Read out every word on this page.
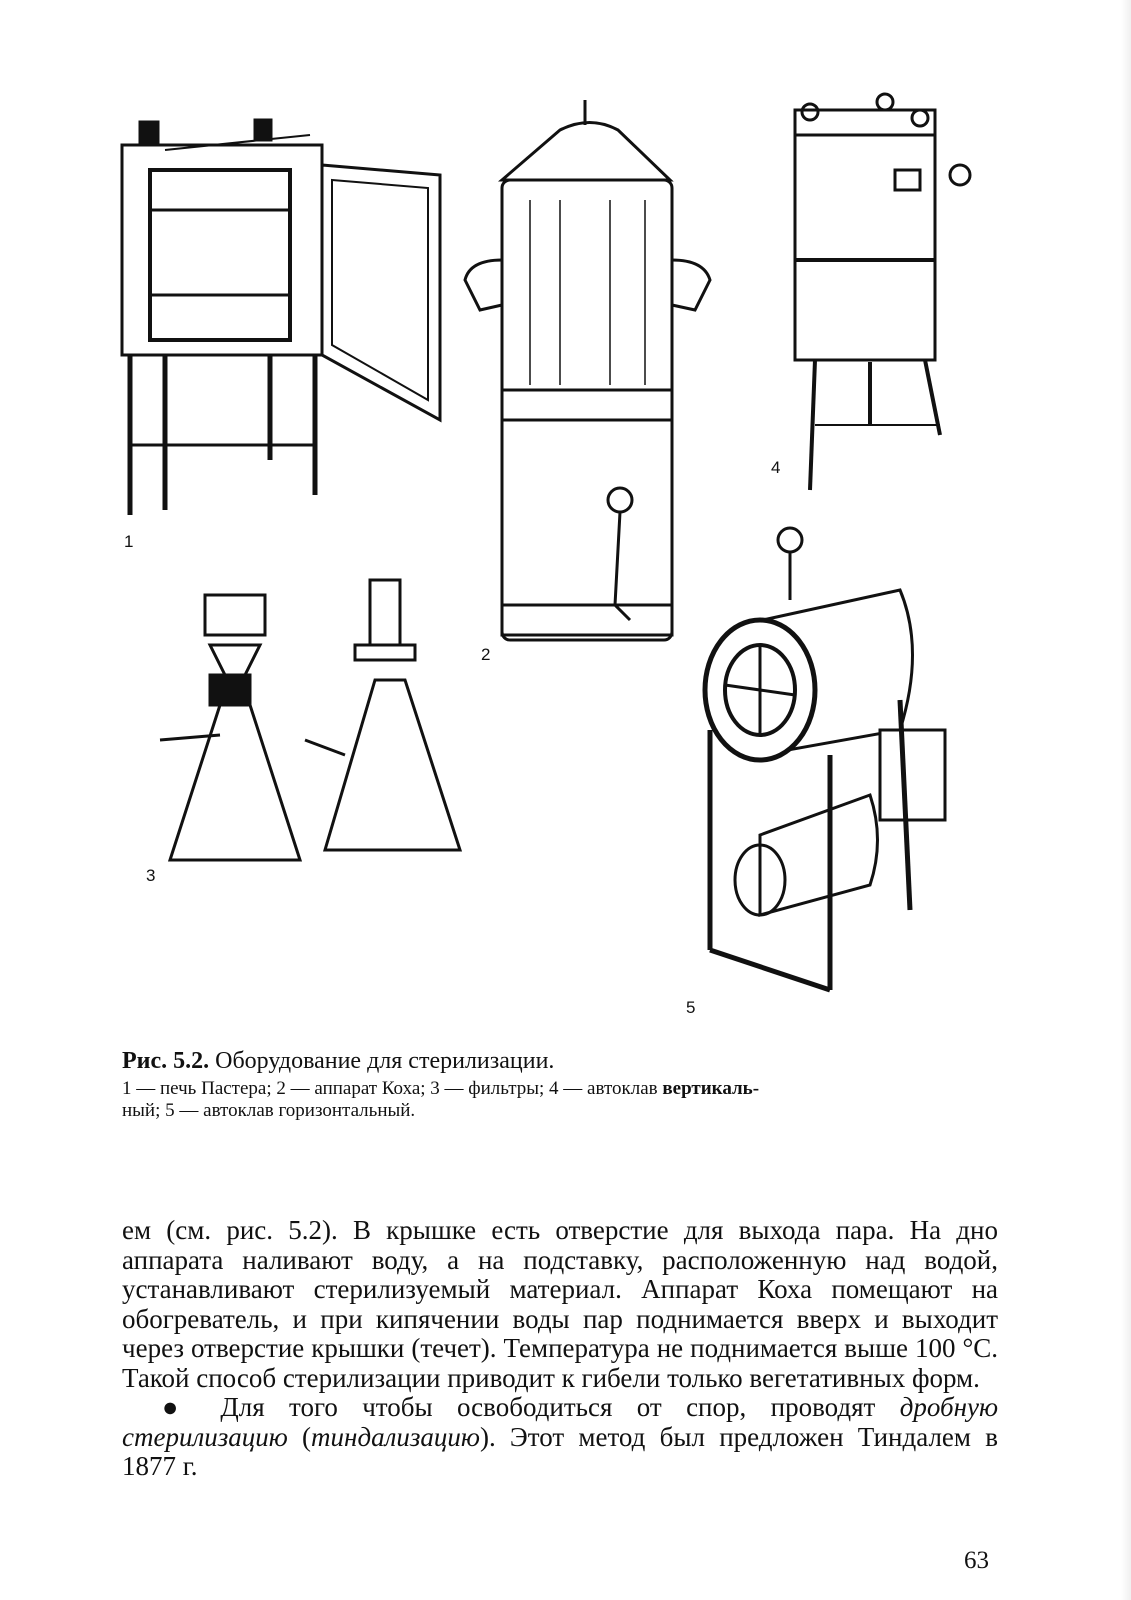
1
2
3
4
5
Рис. 5.2. Оборудование для стерилизации.
1 — печь Пастера; 2 — аппарат Коха; 3 — фильтры; 4 — автоклав вертикаль-
ный; 5 — автоклав горизонтальный.

ем (см. рис. 5.2). В крышке есть отверстие для выхода пара. На дно аппарата наливают воду, а на подставку, расположенную над водой, устанавливают стерилизуемый материал. Аппарат Коха помещают на обогреватель, и при кипячении воды пар поднимается вверх и выходит через отверстие крышки (течет). Температура не поднимается выше 100 °С. Такой способ стерилизации приводит к гибели только вегетативных форм.

● Для того чтобы освободиться от спор, проводят дробную стерилизацию (тиндализацию). Этот метод был предложен Тиндалем в 1877 г.

63
